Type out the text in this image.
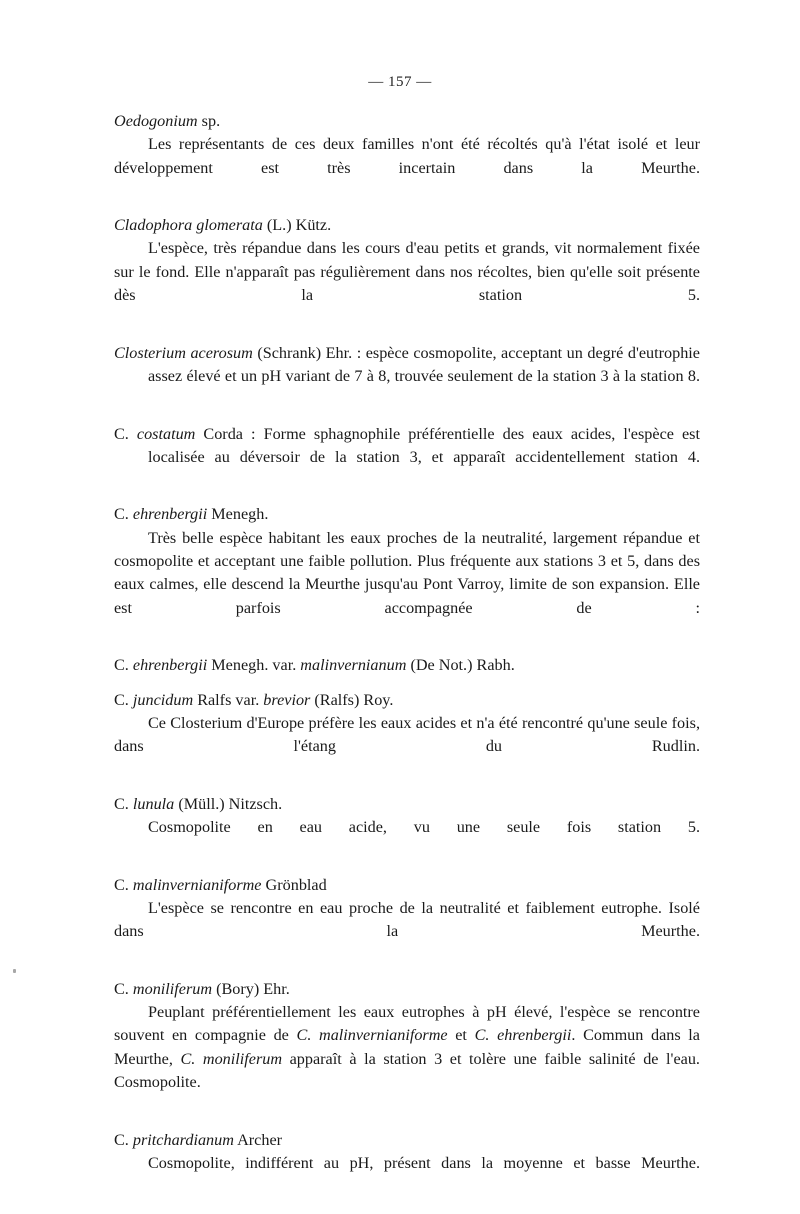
— 157 —

Oedogonium sp.

Les représentants de ces deux familles n'ont été récoltés qu'à l'état isolé et leur développement est très incertain dans la Meurthe.

Cladophora glomerata (L.) Kütz.

L'espèce, très répandue dans les cours d'eau petits et grands, vit normalement fixée sur le fond. Elle n'apparaît pas régulièrement dans nos récoltes, bien qu'elle soit présente dès la station 5.

Closterium acerosum (Schrank) Ehr. : espèce cosmopolite, acceptant un degré d'eutrophie assez élevé et un pH variant de 7 à 8, trouvée seulement de la station 3 à la station 8.

C. costatum Corda : Forme sphagnophile préférentielle des eaux acides, l'espèce est localisée au déversoir de la station 3, et apparaît accidentellement station 4.

C. ehrenbergii Menegh.

Très belle espèce habitant les eaux proches de la neutralité, largement répandue et cosmopolite et acceptant une faible pollution. Plus fréquente aux stations 3 et 5, dans des eaux calmes, elle descend la Meurthe jusqu'au Pont Varroy, limite de son expansion. Elle est parfois accompagnée de :

C. ehrenbergii Menegh. var. malinvernianum (De Not.) Rabh.

C. juncidum Ralfs var. brevior (Ralfs) Roy.

Ce Closterium d'Europe préfère les eaux acides et n'a été rencontré qu'une seule fois, dans l'étang du Rudlin.

C. lunula (Müll.) Nitzsch.

Cosmopolite en eau acide, vu une seule fois station 5.

C. malinvernianiforme Grönblad

L'espèce se rencontre en eau proche de la neutralité et faiblement eutrophe. Isolé dans la Meurthe.

C. moniliferum (Bory) Ehr.

Peuplant préférentiellement les eaux eutrophes à pH élevé, l'espèce se rencontre souvent en compagnie de C. malinvernianiforme et C. ehrenbergii. Commun dans la Meurthe, C. moniliferum apparaît à la station 3 et tolère une faible salinité de l'eau. Cosmopolite.

C. pritchardianum Archer

Cosmopolite, indifférent au pH, présent dans la moyenne et basse Meurthe.
